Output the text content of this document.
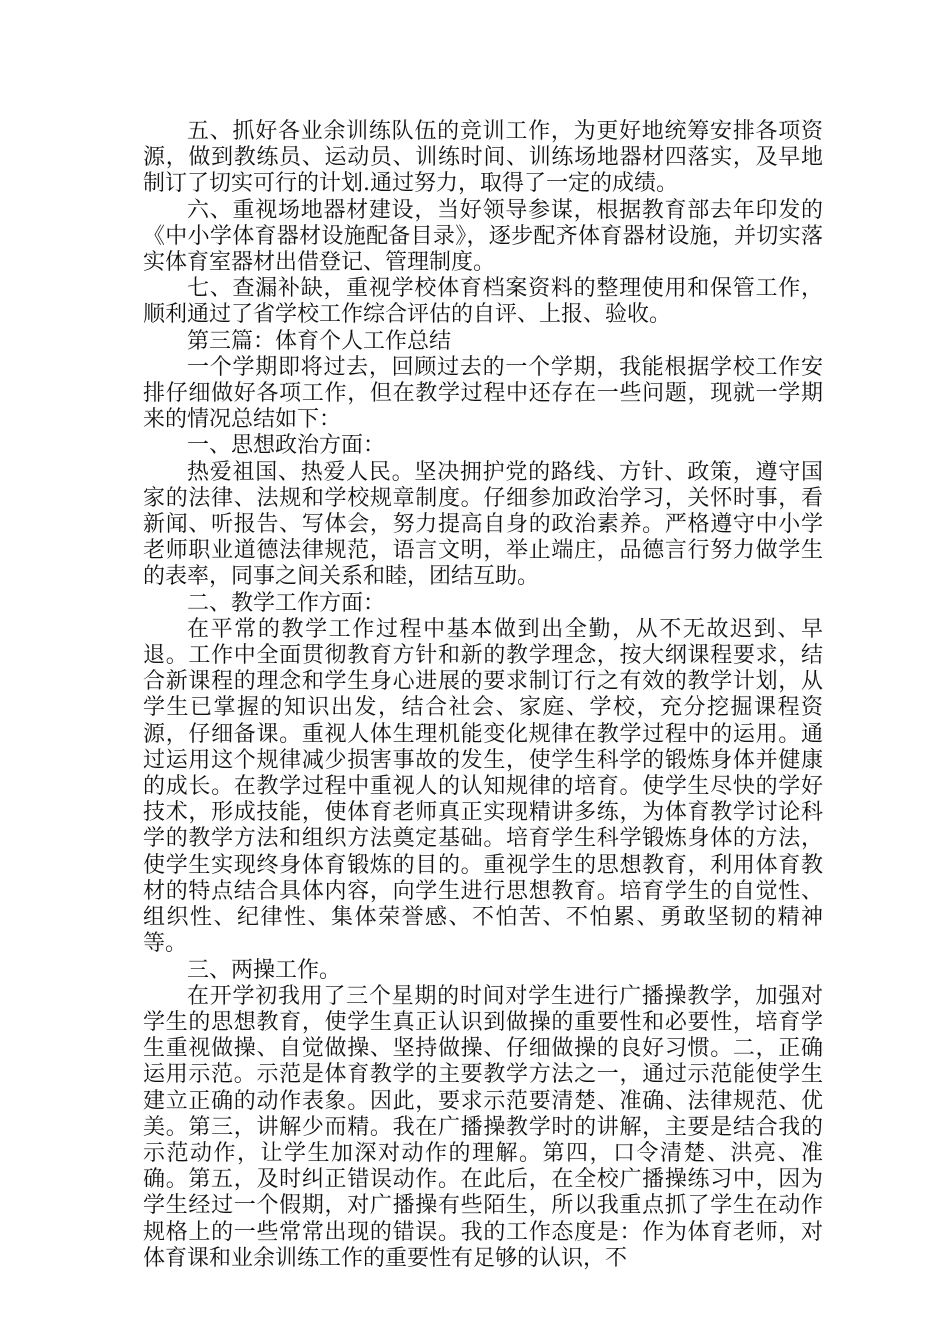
五、抓好各业余训练队伍的竞训工作，为更好地统筹安排各项资源，做到教练员、运动员、训练时间、训练场地器材四落实，及早地制订了切实可行的计划.通过努力，取得了一定的成绩。

六、重视场地器材建设，当好领导参谋，根据教育部去年印发的《中小学体育器材设施配备目录》，逐步配齐体育器材设施，并切实落实体育室器材出借登记、管理制度。

七、查漏补缺，重视学校体育档案资料的整理使用和保管工作，顺利通过了省学校工作综合评估的自评、上报、验收。

第三篇：体育个人工作总结

一个学期即将过去，回顾过去的一个学期，我能根据学校工作安排仔细做好各项工作，但在教学过程中还存在一些问题，现就一学期来的情况总结如下：

一、思想政治方面：

热爱祖国、热爱人民。坚决拥护党的路线、方针、政策，遵守国家的法律、法规和学校规章制度。仔细参加政治学习，关怀时事，看新闻、听报告、写体会，努力提高自身的政治素养。严格遵守中小学老师职业道德法律规范，语言文明，举止端庄，品德言行努力做学生的表率，同事之间关系和睦，团结互助。

二、教学工作方面：

在平常的教学工作过程中基本做到出全勤，从不无故迟到、早退。工作中全面贯彻教育方针和新的教学理念，按大纲课程要求，结合新课程的理念和学生身心进展的要求制订行之有效的教学计划，从学生已掌握的知识出发，结合社会、家庭、学校，充分挖掘课程资源，仔细备课。重视人体生理机能变化规律在教学过程中的运用。通过运用这个规律减少损害事故的发生，使学生科学的锻炼身体并健康的成长。在教学过程中重视人的认知规律的培育。使学生尽快的学好技术，形成技能，使体育老师真正实现精讲多练，为体育教学讨论科学的教学方法和组织方法奠定基础。培育学生科学锻炼身体的方法，使学生实现终身体育锻炼的目的。重视学生的思想教育，利用体育教材的特点结合具体内容，向学生进行思想教育。培育学生的自觉性、组织性、纪律性、集体荣誉感、不怕苦、不怕累、勇敢坚韧的精神等。

三、两操工作。

在开学初我用了三个星期的时间对学生进行广播操教学，加强对学生的思想教育，使学生真正认识到做操的重要性和必要性，培育学生重视做操、自觉做操、坚持做操、仔细做操的良好习惯。二，正确运用示范。示范是体育教学的主要教学方法之一，通过示范能使学生建立正确的动作表象。因此，要求示范要清楚、准确、法律规范、优美。第三，讲解少而精。我在广播操教学时的讲解，主要是结合我的示范动作，让学生加深对动作的理解。第四，口令清楚、洪亮、准确。第五，及时纠正错误动作。在此后，在全校广播操练习中，因为学生经过一个假期，对广播操有些陌生，所以我重点抓了学生在动作规格上的一些常常出现的错误。我的工作态度是：作为体育老师，对体育课和业余训练工作的重要性有足够的认识，不
